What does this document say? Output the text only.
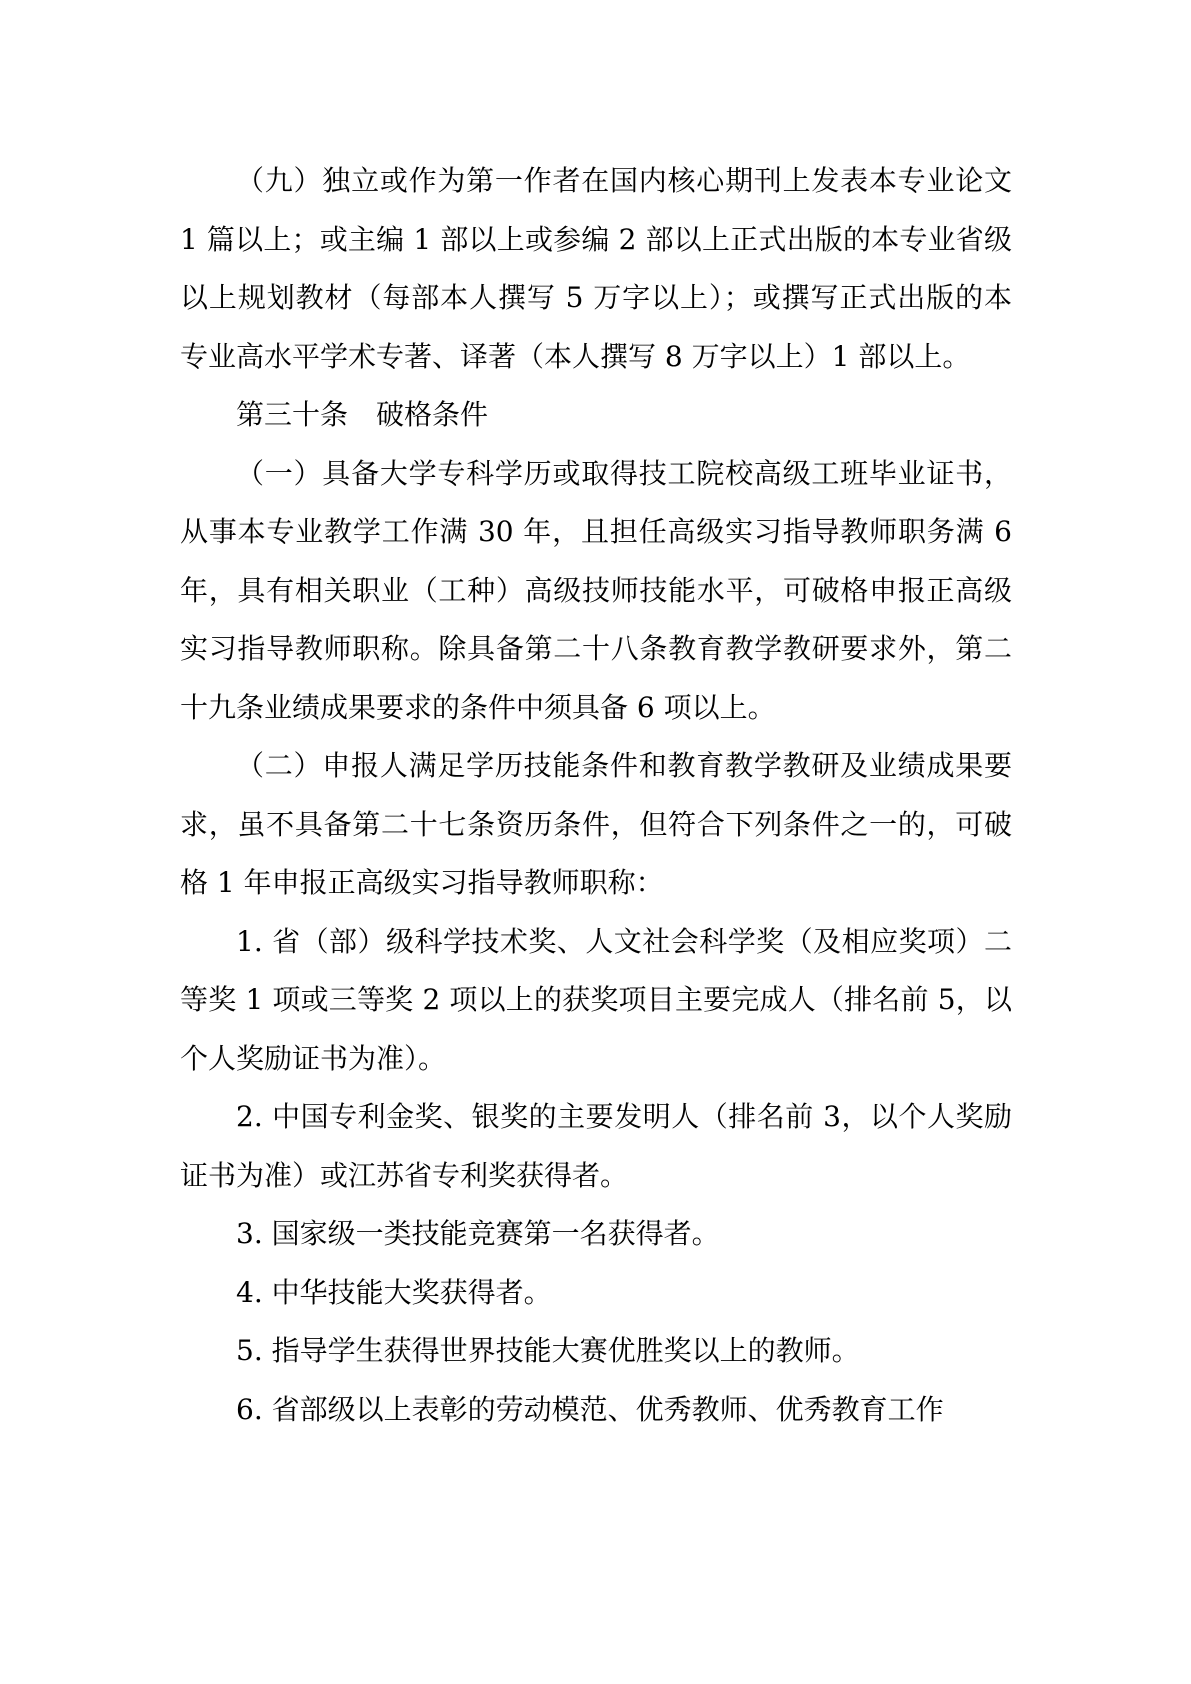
（九）独立或作为第一作者在国内核心期刊上发表本专业论文 1 篇以上；或主编 1 部以上或参编 2 部以上正式出版的本专业省级以上规划教材（每部本人撰写 5 万字以上）；或撰写正式出版的本专业高水平学术专著、译著（本人撰写 8 万字以上）1 部以上。

第三十条　破格条件

（一）具备大学专科学历或取得技工院校高级工班毕业证书，从事本专业教学工作满 30 年，且担任高级实习指导教师职务满 6 年，具有相关职业（工种）高级技师技能水平，可破格申报正高级实习指导教师职称。除具备第二十八条教育教学教研要求外，第二十九条业绩成果要求的条件中须具备 6 项以上。

（二）申报人满足学历技能条件和教育教学教研及业绩成果要求，虽不具备第二十七条资历条件，但符合下列条件之一的，可破格 1 年申报正高级实习指导教师职称：

1. 省（部）级科学技术奖、人文社会科学奖（及相应奖项）二等奖 1 项或三等奖 2 项以上的获奖项目主要完成人（排名前 5，以个人奖励证书为准）。

2. 中国专利金奖、银奖的主要发明人（排名前 3，以个人奖励证书为准）或江苏省专利奖获得者。

3. 国家级一类技能竞赛第一名获得者。

4. 中华技能大奖获得者。

5. 指导学生获得世界技能大赛优胜奖以上的教师。

6. 省部级以上表彰的劳动模范、优秀教师、优秀教育工作
